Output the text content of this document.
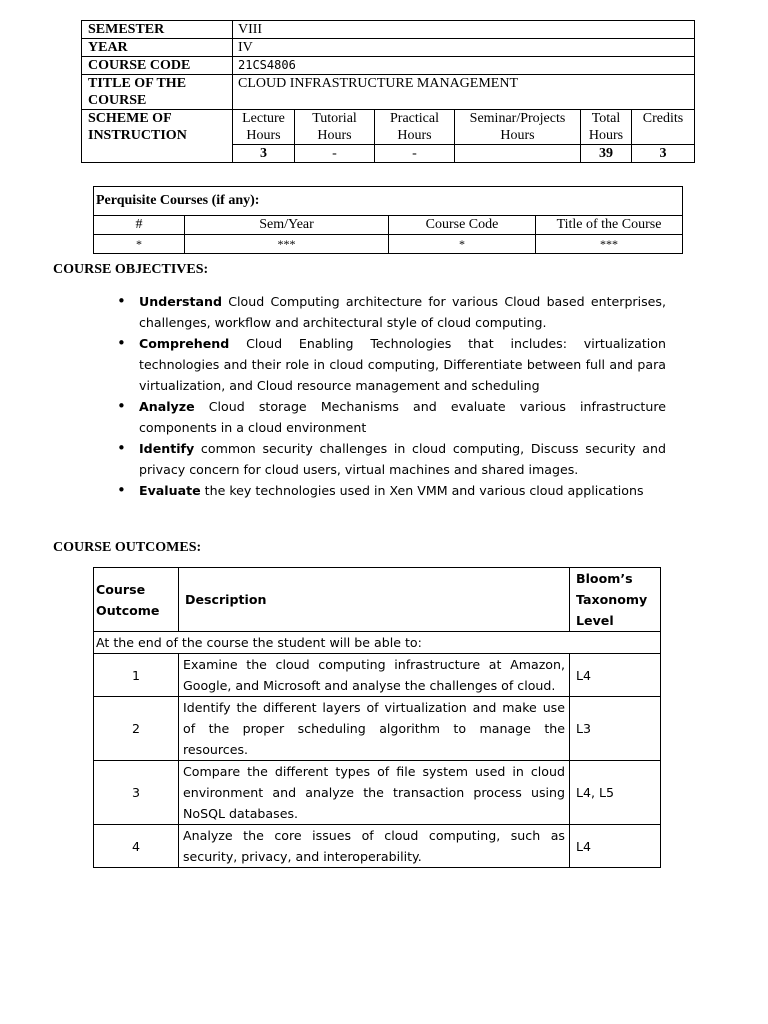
SEMESTER	VIII					
YEAR	IV					
COURSE CODE	21CS4806					
TITLE OF THE COURSE	CLOUD INFRASTRUCTURE MANAGEMENT					
SCHEME OF INSTRUCTION	Lecture Hours	Tutorial Hours	Practical Hours	Seminar/Projects Hours	Total Hours	Credits
	3	-	-		39	3
Perquisite Courses (if any):			
#	Sem/Year	Course Code	Title of the Course
*	***	*	***
COURSE OBJECTIVES:
• Understand Cloud Computing architecture for various Cloud based enterprises, challenges, workflow and architectural style of cloud computing.
• Comprehend Cloud Enabling Technologies that includes: virtualization technologies and their role in cloud computing, Differentiate between full and para virtualization, and Cloud resource management and scheduling
• Analyze Cloud storage Mechanisms and evaluate various infrastructure components in a cloud environment
• Identify common security challenges in cloud computing, Discuss security and privacy concern for cloud users, virtual machines and shared images.
• Evaluate the key technologies used in Xen VMM and various cloud applications
COURSE OUTCOMES:
Course Outcome	Description	Bloom’s Taxonomy Level
At the end of the course the student will be able to:		
1	Examine the cloud computing infrastructure at Amazon, Google, and Microsoft and analyse the challenges of cloud.	L4
2	Identify the different layers of virtualization and make use of the proper scheduling algorithm to manage the resources.	L3
3	Compare the different types of file system used in cloud environment and analyze the transaction process using NoSQL databases.	L4, L5
4	Analyze the core issues of cloud computing, such as security, privacy, and interoperability.	L4
